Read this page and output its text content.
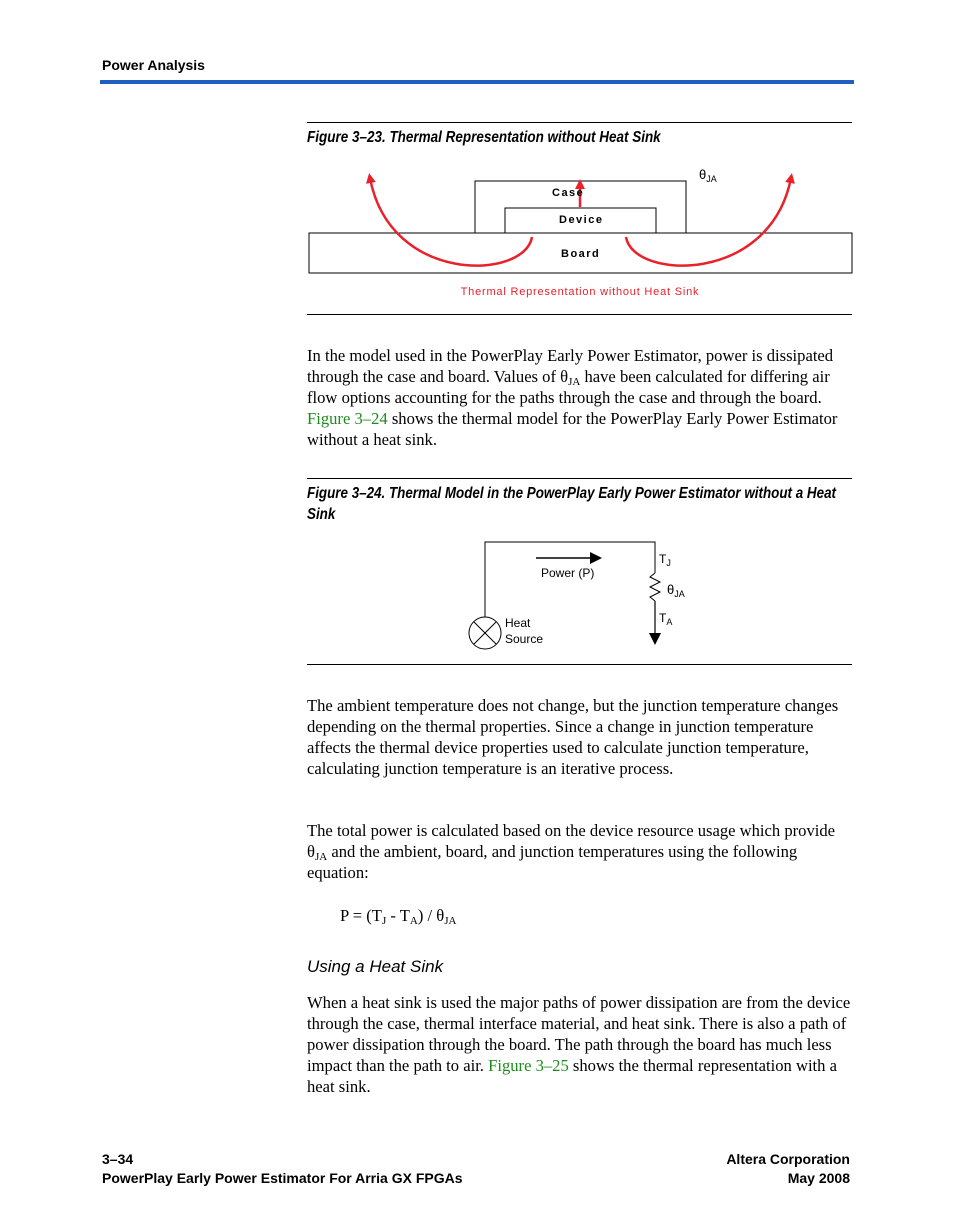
Power Analysis
Figure 3–23. Thermal Representation without Heat Sink
Case
Device
Board
$\theta_{JA}$
Thermal Representation without Heat Sink

In the model used in the PowerPlay Early Power Estimator, power is dissipated through the case and board. Values of $\theta_{JA}$ have been calculated for differing air flow options accounting for the paths through the case and through the board. Figure 3–24 shows the thermal model for the PowerPlay Early Power Estimator without a heat sink.

Figure 3–24. Thermal Model in the PowerPlay Early Power Estimator without a Heat Sink
Power (P)
$T_J$
$\theta_{JA}$
$T_A$
Heat
Source

The ambient temperature does not change, but the junction temperature changes depending on the thermal properties. Since a change in junction temperature affects the thermal device properties used to calculate junction temperature, calculating junction temperature is an iterative process.

The total power is calculated based on the device resource usage which provide $\theta_{JA}$ and the ambient, board, and junction temperatures using the following equation:

$P = (T_J - T_A) / \theta_{JA}$
Using a Heat Sink

When a heat sink is used the major paths of power dissipation are from the device through the case, thermal interface material, and heat sink. There is also a path of power dissipation through the board. The path through the board has much less impact than the path to air. Figure 3–25 shows the thermal representation with a heat sink.

3–34
PowerPlay Early Power Estimator For Arria GX FPGAs
Altera Corporation
May 2008
